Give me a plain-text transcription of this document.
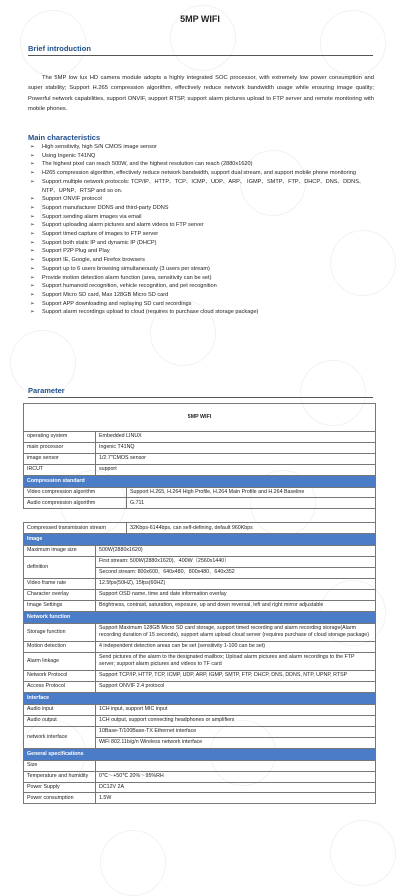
5MP WIFI
Brief introduction

The 5MP low lux HD camera module adopts a highly integrated SOC processor, with extremely low power consumption and super stability; Support H.265 compression algorithm, effectively reduce network bandwidth usage while ensuring image quality; Powerful network capabilities, support ONVIF, support RTSP, support alarm pictures upload to FTP server and remote monitoring with mobile phones.

Main characteristics
➢ High sensitivity, high S/N CMOS image sensor
➢ Using Ingenic T41NQ
➢ The highest pixel can reach 500W, and the highest resolution can reach (2880x1620)
➢ H265 compression algorithm, effectively reduce network bandwidth, support dual stream, and support mobile phone monitoring
➢ Support multiple network protocols: TCP/IP、HTTP、TCP、ICMP、UDP、ARP、 IGMP、SMTP、FTP、DHCP、DNS、DDNS、NTP、UPNP、RTSP and so on.
➢ Support ONVIF protocol
➢ Support manufacturer DDNS and third-party DDNS
➢ Support sending alarm images via email
➢ Support uploading alarm pictures and alarm videos to FTP server
➢ Support timed capture of images to FTP server
➢ Support both static IP and dynamic IP (DHCP)
➢ Support P2P Plug and Play
➢ Support IE, Google, and Firefox browsers
➢ Support up to 6 users browsing simultaneously (3 users per stream)
➢ Provide motion detection alarm function (area, sensitivity can be set)
➢ Support humanoid recognition, vehicle recognition, and pet recognition
➢ Support Micro SD card, Max 128GB Micro SD card
➢ Support APP downloading and replaying SD card recordings
➢ Support alarm recordings upload to cloud (requires to purchase cloud storage package)
Parameter
5MP WIFI		
operating system	Embedded LINUX	
main processor	Ingenic T41NQ	
image sensor	1/2.7"CMOS sensor	
IRCUT	support	
Compression standard		
Video compression algorithm		Support H.265, H.264 High Profile, H.264 Main Profile and H.264 Baseline
Audio compression algorithm		G.711

Compressed transmission stream		32Kbps-6144bps, can self-defining, default 960Kbps
Image		
Maximum image size	500W(2880x1620)	
definition	First stream: 500W(2880x1620)、400W（2560x1440）	
	Second stream: 800x600、640x480、800x480、640x352	
Video frame rate	12.5fps(50HZ), 15fps(60HZ)	
Character overlay	Support OSD name, time and date information overlay	
Image Settings	Brightness, contrast, saturation, exposure, up and down reversal, left and right mirror adjustable	
Network function		
Storage function	Support Maximum 128GB Micro SD card storage, support timed recording and alarm recording storage(Alarm recording duration of 15 seconds), support alarm upload cloud server (requires purchase of cloud storage package)	
Motion detection	4 independent detection areas can be set (sensitivity 1-100 can be set)	
Alarm linkage	Send pictures of the alarm to the designated mailbox; Upload alarm pictures and alarm recordings to the FTP server; support alarm pictures and videos to TF card	
Network Protocol	Support TCP/IP, HTTP, TCP, ICMP, UDP, ARP, IGMP, SMTP, FTP, DHCP, DNS, DDNS, NTP, UPNP, RTSP	
Access Protocol	Support ONVIF 2.4 protocol	
Interface		
Audio input	1CH input, support MIC input	
Audio output	1CH output, support connecting headphones or amplifiers	
network interface	10Base-T/100Base-TX Ethernet interface	
	WiFi 802.11b/g/n Wireless network interface	
General specifications		
Size		
Temperature and humidity	0℃～+50℃ 20%～95%RH	
Power Supply	DC12V 2A	
Power consumption	1.5W	
